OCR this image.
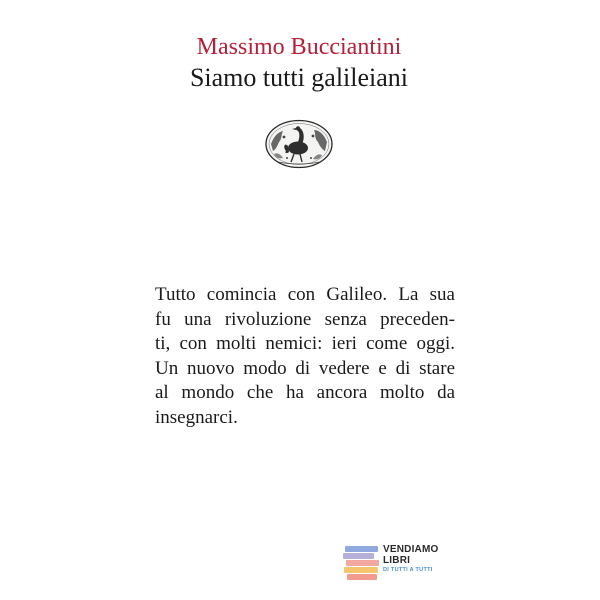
Massimo Bucciantini
Siamo tutti galileiani
Tutto comincia con Galileo. La sua
fu una rivoluzione senza preceden-
ti, con molti nemici: ieri come oggi.
Un nuovo modo di vedere e di stare
al mondo che ha ancora molto da
insegnarci.
VENDIAMO
LIBRI
DI TUTTI A TUTTI
